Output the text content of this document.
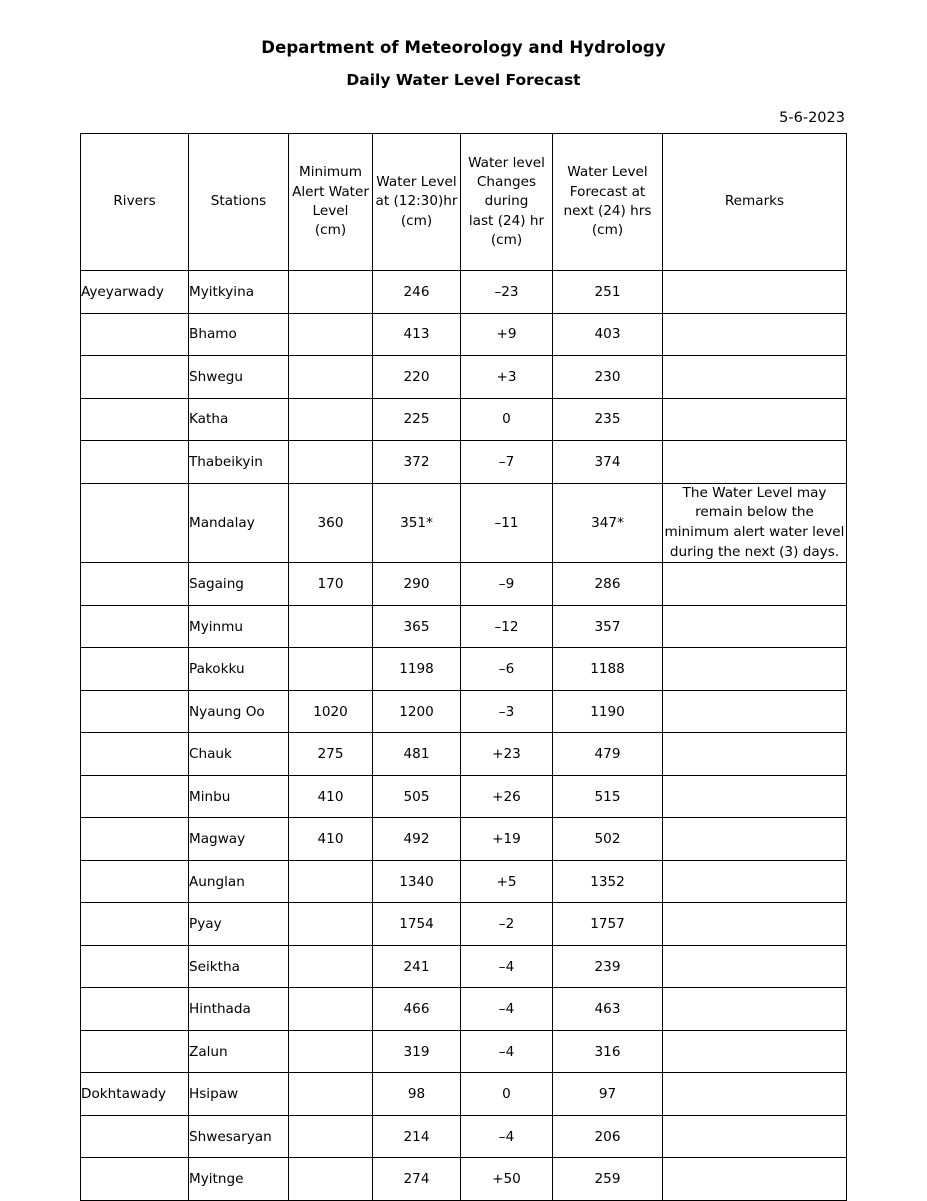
Department of Meteorology and Hydrology
Daily Water Level Forecast
5-6-2023
Rivers	Stations	Minimum
Alert Water
Level
(cm)	Water Level
at (12:30)hr
(cm)	Water level
Changes
during
last (24) hr
(cm)	Water Level
Forecast at
next (24) hrs
(cm)	Remarks
Ayeyarwady	Myitkyina		246	–23	251	
	Bhamo		413	+9	403	
	Shwegu		220	+3	230	
	Katha		225	0	235	
	Thabeikyin		372	–7	374	
	Mandalay	360	351*	–11	347*	The Water Level may remain below the minimum alert water level during the next (3) days.
	Sagaing	170	290	–9	286	
	Myinmu		365	–12	357	
	Pakokku		1198	–6	1188	
	Nyaung Oo	1020	1200	–3	1190	
	Chauk	275	481	+23	479	
	Minbu	410	505	+26	515	
	Magway	410	492	+19	502	
	Aunglan		1340	+5	1352	
	Pyay		1754	–2	1757	
	Seiktha		241	–4	239	
	Hinthada		466	–4	463	
	Zalun		319	–4	316	
Dokhtawady	Hsipaw		98	0	97	
	Shwesaryan		214	–4	206	
	Myitnge		274	+50	259	
